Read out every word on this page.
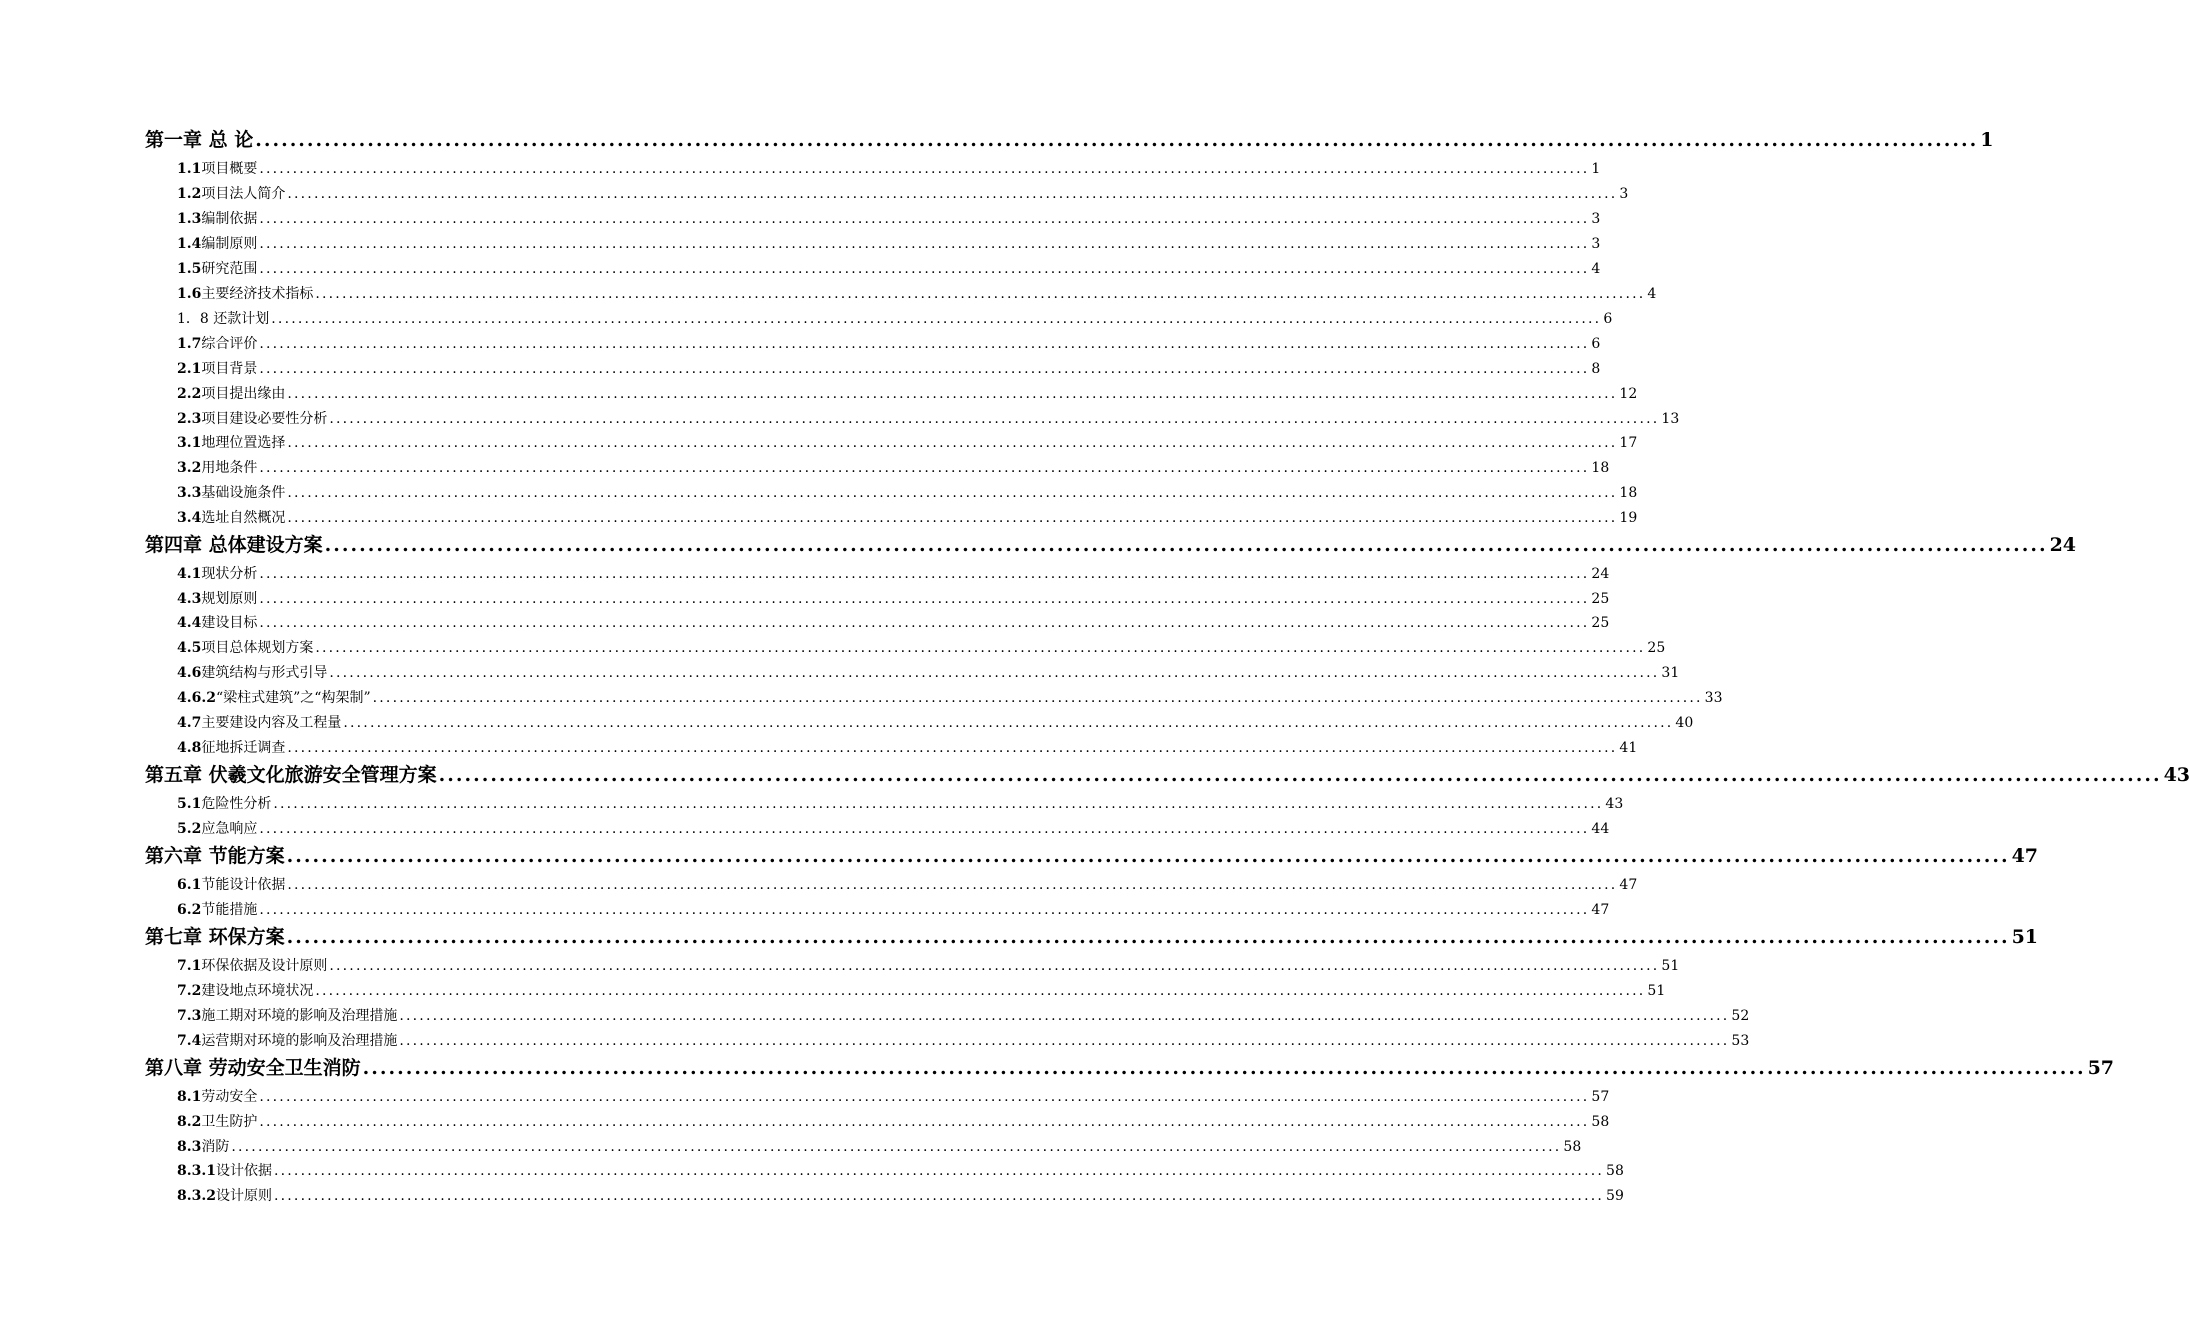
第一章 总 论 ........................................................................................................................................................................................................ 1
1.1 项目概要 ........................................................................................................................................................................................................ 1
1.2 项目法人简介 ........................................................................................................................................................................................................ 3
1.3 编制依据 ........................................................................................................................................................................................................ 3
1.4 编制原则 ........................................................................................................................................................................................................ 3
1.5 研究范围 ........................................................................................................................................................................................................ 4
1.6 主要经济技术指标 ........................................................................................................................................................................................................ 4
1．8 还款计划 ........................................................................................................................................................................................................ 6
1.7 综合评价 ........................................................................................................................................................................................................ 6
2.1 项目背景 ........................................................................................................................................................................................................ 8
2.2 项目提出缘由 ........................................................................................................................................................................................................ 12
2.3 项目建设必要性分析 ........................................................................................................................................................................................................ 13
3.1 地理位置选择 ........................................................................................................................................................................................................ 17
3.2 用地条件 ........................................................................................................................................................................................................ 18
3.3 基础设施条件 ........................................................................................................................................................................................................ 18
3.4 选址自然概况 ........................................................................................................................................................................................................ 19
第四章 总体建设方案 ........................................................................................................................................................................................................ 24
4.1 现状分析 ........................................................................................................................................................................................................ 24
4.3 规划原则 ........................................................................................................................................................................................................ 25
4.4 建设目标 ........................................................................................................................................................................................................ 25
4.5 项目总体规划方案 ........................................................................................................................................................................................................ 25
4.6 建筑结构与形式引导 ........................................................................................................................................................................................................ 31
4.6.2 “梁柱式建筑”之“构架制” ........................................................................................................................................................................................................ 33
4.7 主要建设内容及工程量 ........................................................................................................................................................................................................ 40
4.8 征地拆迁调查 ........................................................................................................................................................................................................ 41
第五章 伏羲文化旅游安全管理方案 ........................................................................................................................................................................................................ 43
5.1 危险性分析 ........................................................................................................................................................................................................ 43
5.2 应急响应 ........................................................................................................................................................................................................ 44
第六章 节能方案 ........................................................................................................................................................................................................ 47
6.1 节能设计依据 ........................................................................................................................................................................................................ 47
6.2 节能措施 ........................................................................................................................................................................................................ 47
第七章 环保方案 ........................................................................................................................................................................................................ 51
7.1 环保依据及设计原则 ........................................................................................................................................................................................................ 51
7.2 建设地点环境状况 ........................................................................................................................................................................................................ 51
7.3 施工期对环境的影响及治理措施 ........................................................................................................................................................................................................ 52
7.4 运营期对环境的影响及治理措施 ........................................................................................................................................................................................................ 53
第八章 劳动安全卫生消防 ........................................................................................................................................................................................................ 57
8.1 劳动安全 ........................................................................................................................................................................................................ 57
8.2 卫生防护 ........................................................................................................................................................................................................ 58
8.3 消防 ........................................................................................................................................................................................................ 58
8.3.1 设计依据 ........................................................................................................................................................................................................ 58
8.3.2 设计原则 ........................................................................................................................................................................................................ 59
